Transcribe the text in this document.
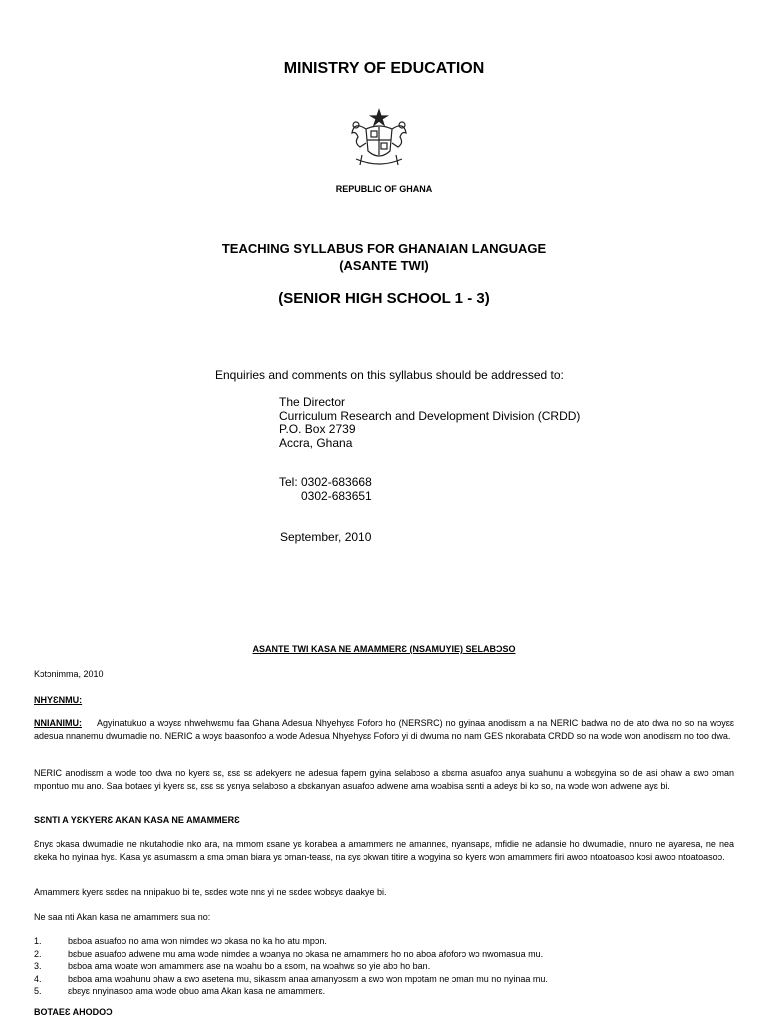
MINISTRY OF EDUCATION
REPUBLIC OF GHANA
TEACHING SYLLABUS FOR GHANAIAN LANGUAGE
(ASANTE TWI)
(SENIOR HIGH SCHOOL 1 - 3)
Enquiries and comments on this syllabus should be addressed to:
The Director
Curriculum Research and Development Division (CRDD)
P.O. Box 2739
Accra, Ghana
Tel: 0302-683668
0302-683651
September, 2010
ASANTE TWI KASA NE AMAMMERƐ (NSAMUYIE) SELABƆSO
Kɔtɔnimma, 2010
NHYƐNMU:
NNIANIMU: Agyinatukuo a wɔyɛɛ nhwehwɛmu faa Ghana Adesua Nhyehyɛɛ Foforɔ ho (NERSRC) no gyinaa anodisɛm a na NERIC badwa no de ato dwa no so na wɔyɛɛ adesua nnanemu dwumadie no. NERIC a wɔyɛ baasonfoɔ a wɔde Adesua Nhyehyɛɛ Foforɔ yi di dwuma no nam GES nkorabata CRDD so na wɔde wɔn anodisɛm no too dwa.
NERIC anodisɛm a wɔde too dwa no kyerɛ sɛ, ɛsɛ sɛ adekyerɛ ne adesua fapem gyina selabɔso a ɛbɛma asuafoɔ anya suahunu a wɔbɛgyina so de asi ɔhaw a ɛwɔ ɔman mpontuo mu ano. Saa botaeɛ yi kyerɛ sɛ, ɛsɛ sɛ yɛnya selabɔso a ɛbɛkanyan asuafoɔ adwene ama wɔabisa sɛnti a adeyɛ bi kɔ so, na wɔde wɔn adwene ayɛ bi.
SƐNTI A YƐKYERƐ AKAN KASA NE AMAMMERƐ
Ɛnyɛ ɔkasa dwumadie ne nkutahodie nko ara, na mmom ɛsane yɛ korabea a amammerɛ ne amanneɛ, nyansapɛ, mfidie ne adansie ho dwumadie, nnuro ne ayaresa, ne nea ɛkeka ho nyinaa hyɛ. Kasa yɛ asumasɛm a ɛma ɔman biara yɛ ɔman-teasɛ, na ɛyɛ ɔkwan titire a wɔgyina so kyerɛ wɔn amammerɛ firi awoɔ ntoatoasoɔ kɔsi awoɔ ntoatoasoɔ.
Amammerɛ kyerɛ sɛdeɛ na nnipakuo bi te, sɛdeɛ wɔte nnɛ yi ne sɛdeɛ wɔbɛyɛ daakye bi.
Ne saa nti Akan kasa ne amammerɛ sua no:
1.	bɛboa asuafoɔ no ama wɔn nimdeɛ wɔ ɔkasa no ka ho atu mpɔn.
2.	bɛbue asuafoɔ adwene mu ama wɔde nimdeɛ a wɔanya no ɔkasa ne amammerɛ ho no aboa afoforɔ wɔ nwomasua mu.
3.	bɛboa ama wɔate wɔn amammerɛ ase na wɔahu bo a ɛsom, na wɔahwɛ so yie abɔ ho ban.
4.	bɛboa ama wɔahunu ɔhaw a ɛwɔ asetena mu, sikasɛm anaa amanyɔsɛm a ɛwɔ wɔn mpɔtam ne ɔman mu no nyinaa mu.
5.	ɛbɛyɛ nnyinasoɔ ama wɔde obuo ama Akan kasa ne amammerɛ.
BOTAEƐ AHODOƆ
